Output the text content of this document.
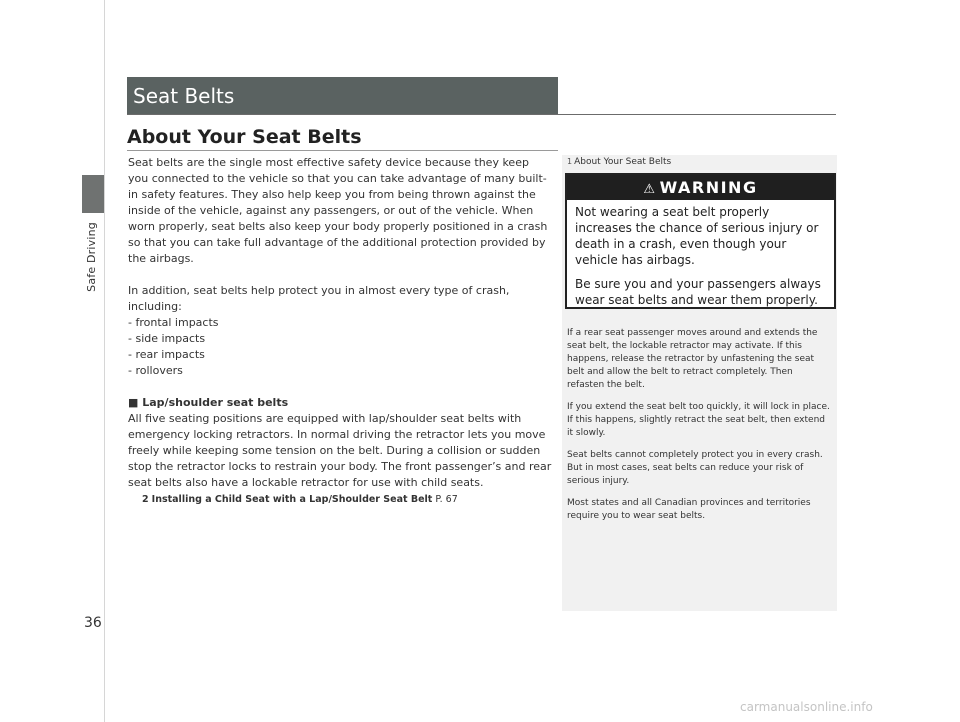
Safe Driving
Seat Belts
About Your Seat Belts

Seat belts are the single most effective safety device because they keep you connected to the vehicle so that you can take advantage of many built-in safety features. They also help keep you from being thrown against the inside of the vehicle, against any passengers, or out of the vehicle. When worn properly, seat belts also keep your body properly positioned in a crash so that you can take full advantage of the additional protection provided by the airbags.

In addition, seat belts help protect you in almost every type of crash, including:

- frontal impacts
- side impacts
- rear impacts
- rollovers

■ Lap/shoulder seat belts

All five seating positions are equipped with lap/shoulder seat belts with emergency locking retractors. In normal driving the retractor lets you move freely while keeping some tension on the belt. During a collision or sudden stop the retractor locks to restrain your body. The front passenger’s and rear seat belts also have a lockable retractor for use with child seats.

2 Installing a Child Seat with a Lap/Shoulder Seat Belt P. 67
1 About Your Seat Belts
⚠ WARNING

Not wearing a seat belt properly increases the chance of serious injury or death in a crash, even though your vehicle has airbags.

Be sure you and your passengers always wear seat belts and wear them properly.

If a rear seat passenger moves around and extends the seat belt, the lockable retractor may activate. If this happens, release the retractor by unfastening the seat belt and allow the belt to retract completely. Then refasten the belt.

If you extend the seat belt too quickly, it will lock in place. If this happens, slightly retract the seat belt, then extend it slowly.

Seat belts cannot completely protect you in every crash. But in most cases, seat belts can reduce your risk of serious injury.

Most states and all Canadian provinces and territories require you to wear seat belts.

36
carmanualsonline.info
